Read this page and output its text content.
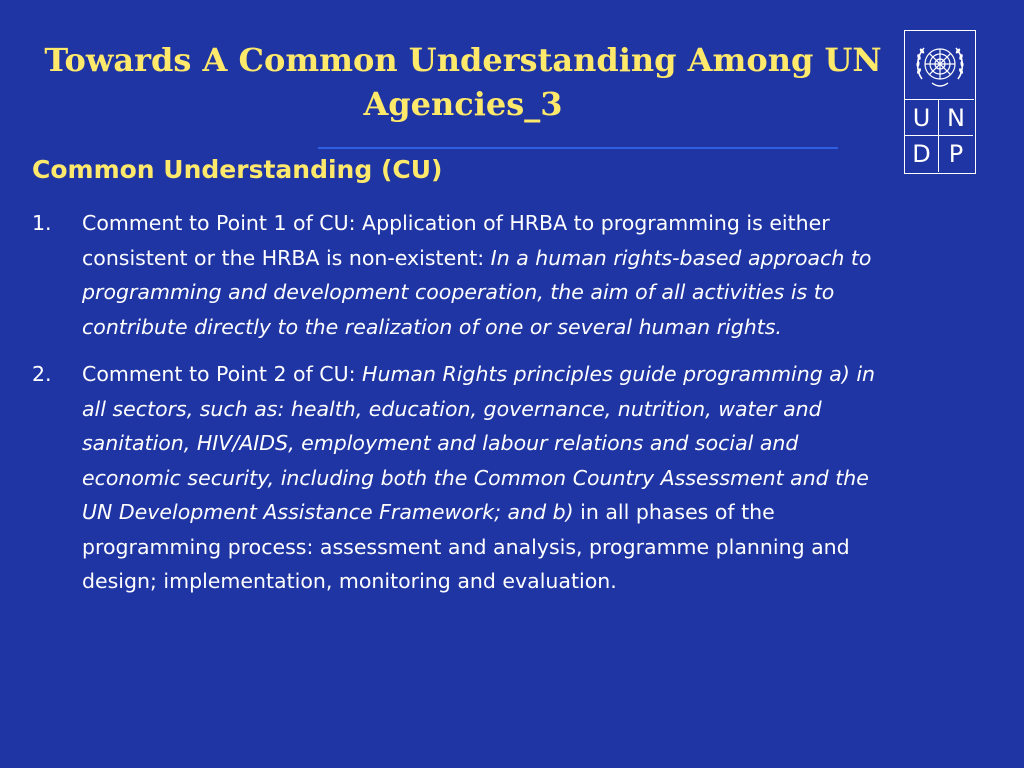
Towards A Common Understanding Among UN Agencies_3	U N
D P
Common Understanding (CU)
1. Comment to Point 1 of CU: Application of HRBA to programming is either consistent or the HRBA is non-existent: In a human rights-based approach to programming and development cooperation, the aim of all activities is to contribute directly to the realization of one or several human rights.
2. Comment to Point 2 of CU: Human Rights principles guide programming a) in all sectors, such as: health, education, governance, nutrition, water and sanitation, HIV/AIDS, employment and labour relations and social and economic security, including both the Common Country Assessment and the UN Development Assistance Framework; and b) in all phases of the programming process: assessment and analysis, programme planning and design; implementation, monitoring and evaluation.
